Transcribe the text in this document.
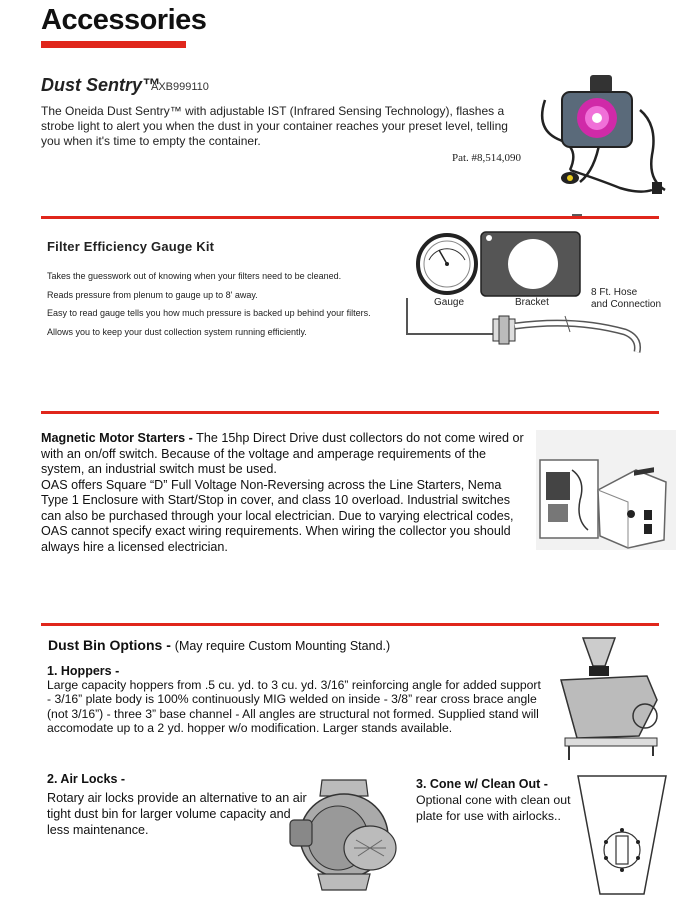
Accessories
Dust Sentry™
AXB999110
The Oneida Dust Sentry™ with adjustable IST (Infrared Sensing Technology), flashes a strobe light to alert you when the dust in your container reaches your preset level, telling you when it's time to empty the container.
Pat. #8,514,090
Filter Efficiency Gauge Kit
Takes the guesswork out of knowing when your filters need to be cleaned.
Reads pressure from plenum to gauge up to 8' away.
Easy to read gauge tells you how much pressure is backed up behind your filters.
Allows you to keep your dust collection system running efficiently.
Gauge	Bracket
8 Ft. Hose
and Connection
Magnetic Motor Starters - The 15hp Direct Drive dust collectors do not come wired or with an on/off switch. Because of the voltage and amperage requirements of the system, an industrial switch must be used.
OAS offers Square “D” Full Voltage Non-Reversing across the Line Starters, Nema Type 1 Enclosure with Start/Stop in cover, and class 10 overload. Industrial switches can also be purchased through your local electrician. Due to varying electrical codes, OAS cannot specify exact wiring requirements. When wiring the collector you should always hire a licensed electrician.
Dust Bin Options - (May require Custom Mounting Stand.)
1. Hoppers -
Large capacity hoppers from .5 cu. yd. to 3 cu. yd. 3/16” reinforcing angle for added support - 3/16” plate body is 100% continuously MIG welded on inside - 3/8” rear cross brace angle (not 3/16”) - three 3” base channel - All angles are structural not formed. Supplied stand will accomodate up to a 2 yd. hopper w/o modification. Larger stands available.
2. Air Locks -
Rotary air locks provide an alternative to an air tight dust bin for larger volume capacity and less maintenance.
3. Cone w/ Clean Out -
Optional cone with clean out plate for use with airlocks..
